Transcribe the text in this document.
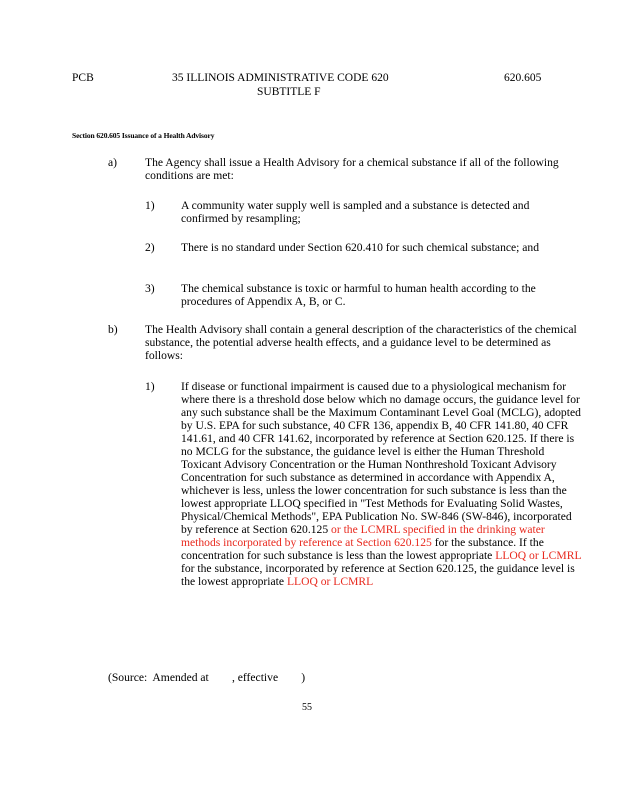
PCB	35 ILLINOIS ADMINISTRATIVE CODE 620
SUBTITLE F
620.605
Section 620.605 Issuance of a Health Advisory
a) The Agency shall issue a Health Advisory for a chemical substance if all of the following conditions are met:
1) A community water supply well is sampled and a substance is detected and confirmed by resampling;
2) There is no standard under Section 620.410 for such chemical substance; and
3) The chemical substance is toxic or harmful to human health according to the procedures of Appendix A, B, or C.
b) The Health Advisory shall contain a general description of the characteristics of the chemical substance, the potential adverse health effects, and a guidance level to be determined as follows:
1) If disease or functional impairment is caused due to a physiological mechanism for where there is a threshold dose below which no damage occurs, the guidance level for any such substance shall be the Maximum Contaminant Level Goal (MCLG), adopted by U.S. EPA for such substance, 40 CFR 136, appendix B, 40 CFR 141.80, 40 CFR 141.61, and 40 CFR 141.62, incorporated by reference at Section 620.125. If there is no MCLG for the substance, the guidance level is either the Human Threshold Toxicant Advisory Concentration or the Human Nonthreshold Toxicant Advisory Concentration for such substance as determined in accordance with Appendix A, whichever is less, unless the lower concentration for such substance is less than the lowest appropriate LLOQ specified in "Test Methods for Evaluating Solid Wastes, Physical/Chemical Methods", EPA Publication No. SW-846 (SW-846), incorporated by reference at Section 620.125 or the LCMRL specified in the drinking water methods incorporated by reference at Section 620.125 for the substance. If the concentration for such substance is less than the lowest appropriate LLOQ or LCMRL for the substance, incorporated by reference at Section 620.125, the guidance level is the lowest appropriate LLOQ or LCMRL
(Source:  Amended at        , effective        )
55
